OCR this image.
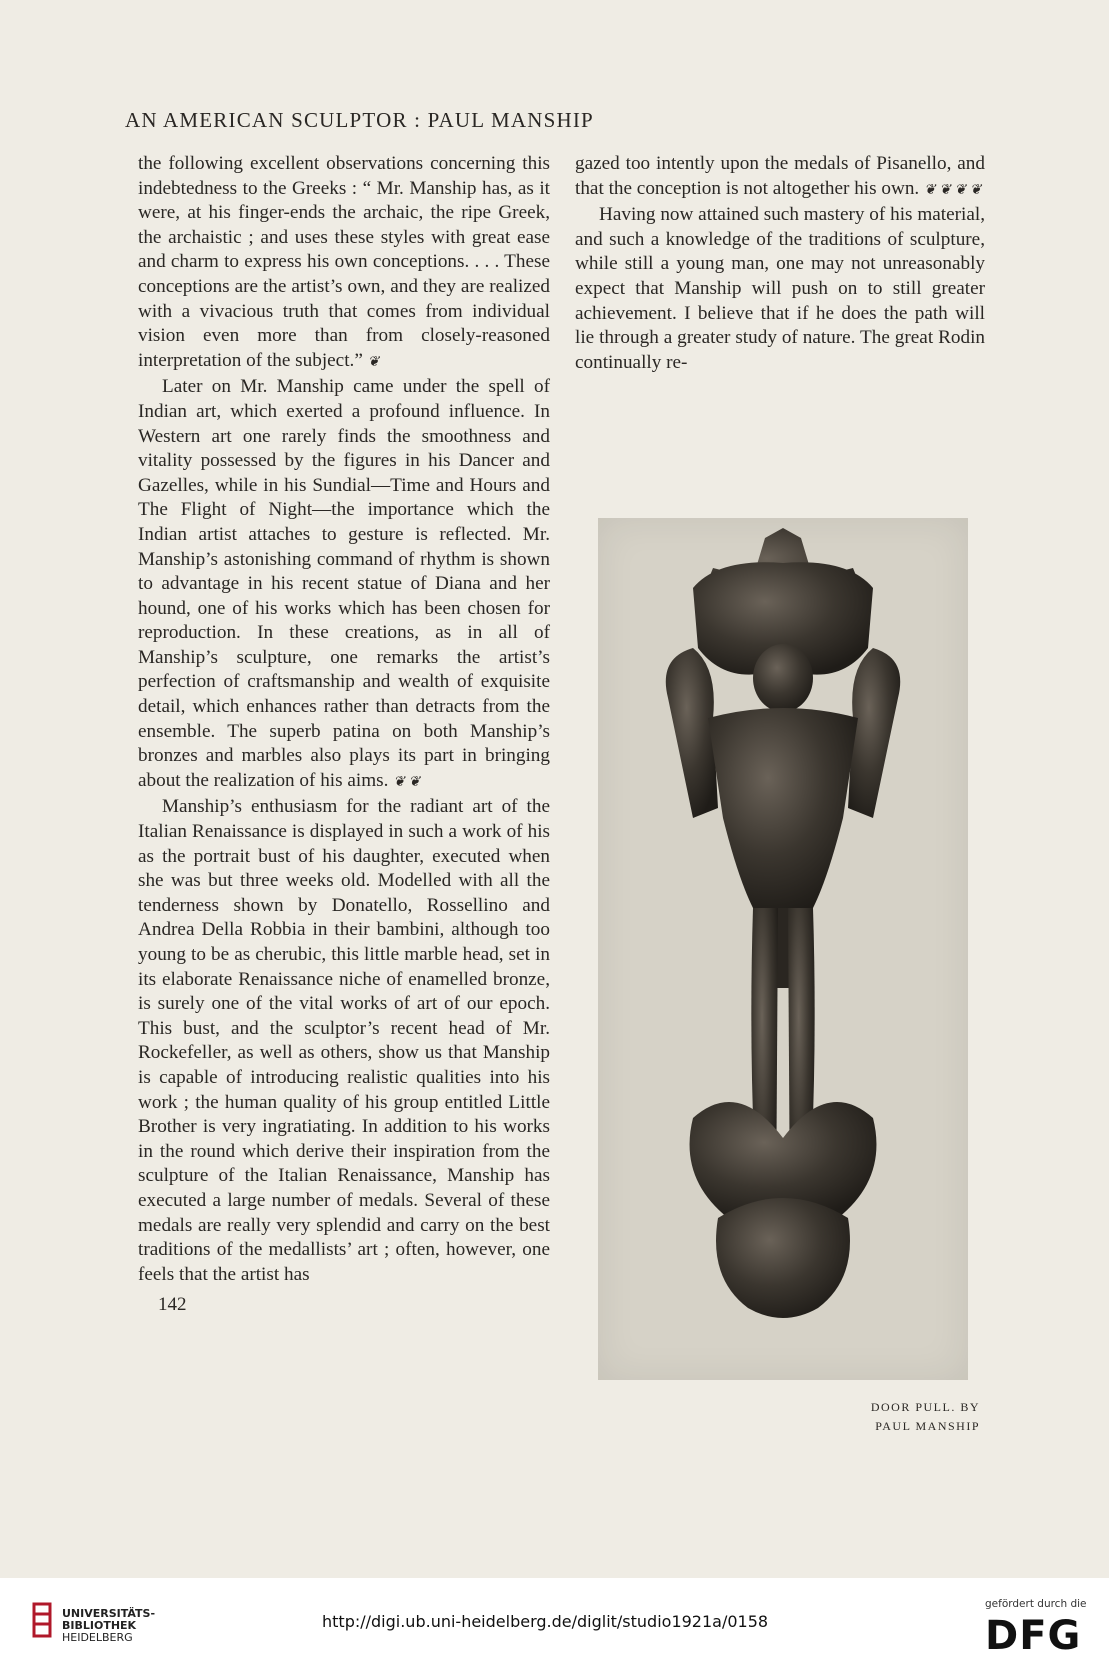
AN AMERICAN SCULPTOR : PAUL MANSHIP

the following excellent observations concerning this indebtedness to the Greeks : “ Mr. Manship has, as it were, at his finger-ends the archaic, the ripe Greek, the archaistic ; and uses these styles with great ease and charm to express his own conceptions. . . . These conceptions are the artist’s own, and they are realized with a vivacious truth that comes from individual vision even more than from closely-reasoned interpretation of the subject.” ❦

Later on Mr. Manship came under the spell of Indian art, which exerted a profound influence. In Western art one rarely finds the smoothness and vitality possessed by the figures in his Dancer and Gazelles, while in his Sundial—Time and Hours and The Flight of Night—the importance which the Indian artist attaches to gesture is reflected. Mr. Manship’s astonishing command of rhythm is shown to advantage in his recent statue of Diana and her hound, one of his works which has been chosen for reproduction. In these creations, as in all of Manship’s sculpture, one remarks the artist’s perfection of craftsmanship and wealth of exquisite detail, which enhances rather than detracts from the ensemble. The superb patina on both Manship’s bronzes and marbles also plays its part in bringing about the realization of his aims. ❦ ❦

Manship’s enthusiasm for the radiant art of the Italian Renaissance is displayed in such a work of his as the portrait bust of his daughter, executed when she was but three weeks old. Modelled with all the tenderness shown by Donatello, Rossellino and Andrea Della Robbia in their bambini, although too young to be as cherubic, this little marble head, set in its elaborate Renaissance niche of enamelled bronze, is surely one of the vital works of art of our epoch. This bust, and the sculptor’s recent head of Mr. Rockefeller, as well as others, show us that Manship is capable of introducing realistic qualities into his work ; the human quality of his group entitled Little Brother is very ingratiating. In addition to his works in the round which derive their inspiration from the sculpture of the Italian Renaissance, Manship has executed a large number of medals. Several of these medals are really very splendid and carry on the best traditions of the medallists’ art ; often, however, one feels that the artist has

142

gazed too intently upon the medals of Pisanello, and that the conception is not altogether his own. ❦ ❦ ❦ ❦

Having now attained such mastery of his material, and such a knowledge of the traditions of sculpture, while still a young man, one may not unreasonably expect that Manship will push on to still greater achievement. I believe that if he does the path will lie through a greater study of nature. The great Rodin continually re-

DOOR PULL. BY
PAUL MANSHIP
UNIVERSITÄTS-
BIBLIOTHEK
HEIDELBERG
http://digi.ub.uni-heidelberg.de/diglit/studio1921a/0158
gefördert durch die
DFG
